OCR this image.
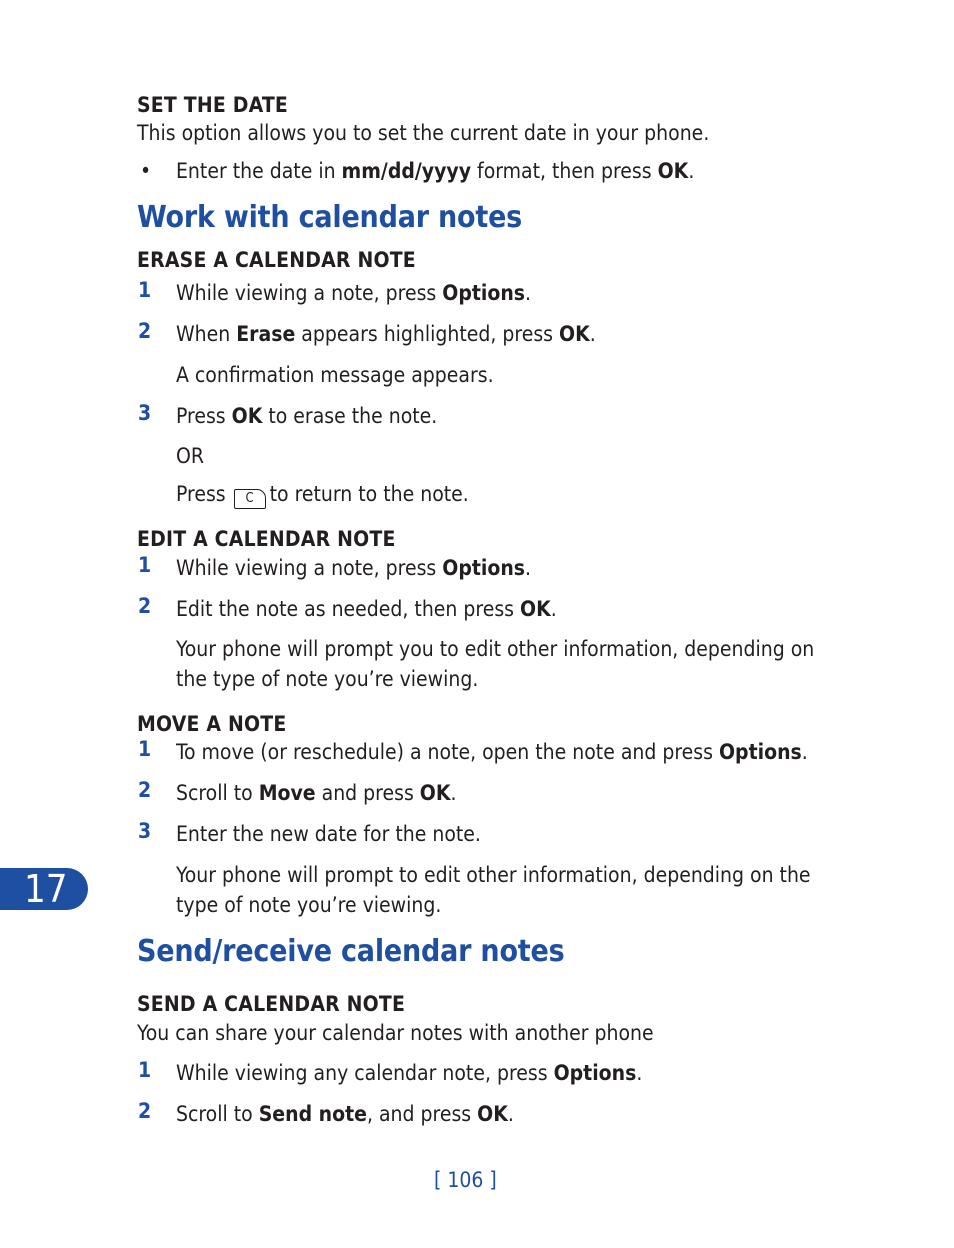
SET THE DATE
This option allows you to set the current date in your phone.
• Enter the date in mm/dd/yyyy format, then press OK.
Work with calendar notes
ERASE A CALENDAR NOTE
1 While viewing a note, press Options.
2 When Erase appears highlighted, press OK.
A confirmation message appears.
3 Press OK to erase the note.
OR
Press C to return to the note.
EDIT A CALENDAR NOTE
1 While viewing a note, press Options.
2 Edit the note as needed, then press OK.
Your phone will prompt you to edit other information, depending on
the type of note you’re viewing.
MOVE A NOTE
1 To move (or reschedule) a note, open the note and press Options.
2 Scroll to Move and press OK.
3 Enter the new date for the note.
Your phone will prompt to edit other information, depending on the
type of note you’re viewing.
17
Send/receive calendar notes
SEND A CALENDAR NOTE
You can share your calendar notes with another phone
1 While viewing any calendar note, press Options.
2 Scroll to Send note, and press OK.
[ 106 ]
